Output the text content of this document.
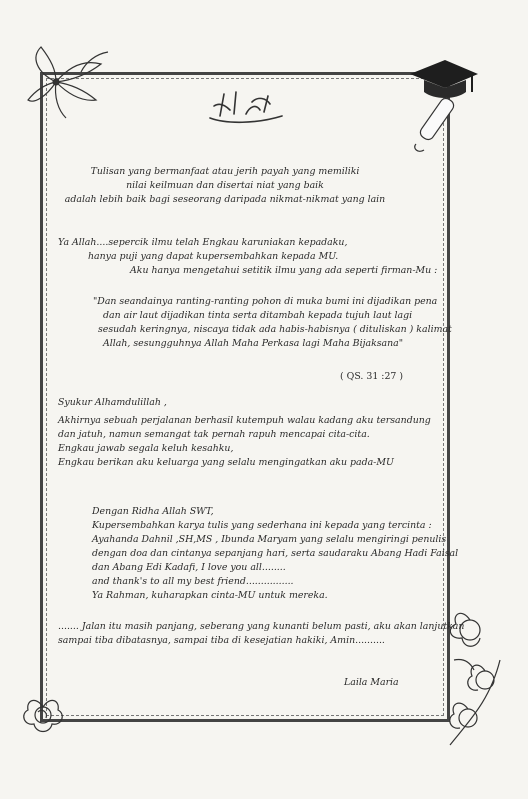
Tulisan yang bermanfaat atau jerih payah yang memiliki
nilai keilmuan dan disertai niat yang baik
adalah lebih baik bagi seseorang daripada nikmat-nikmat yang lain
Ya Allah....sepercik ilmu telah Engkau karuniakan kepadaku,
hanya puji yang dapat kupersembahkan kepada MU.
Aku hanya mengetahui setitik ilmu yang ada seperti firman-Mu :
"Dan seandainya ranting-ranting pohon di muka bumi ini dijadikan pena
dan air laut dijadikan tinta serta ditambah kepada tujuh laut lagi
sesudah keringnya, niscaya tidak ada habis-habisnya ( dituliskan ) kalimat
Allah, sesungguhnya Allah Maha Perkasa lagi Maha Bijaksana"
( QS. 31 :27 )
Syukur Alhamdulillah ,
Akhirnya sebuah perjalanan berhasil kutempuh walau kadang aku tersandung
dan jatuh, namun semangat tak pernah rapuh mencapai cita-cita.
Engkau jawab segala keluh kesahku,
Engkau berikan aku keluarga yang selalu mengingatkan aku pada-MU
Dengan Ridha Allah SWT,
Kupersembahkan karya tulis yang sederhana ini kepada yang tercinta :
Ayahanda Dahnil ,SH,MS , Ibunda Maryam yang selalu mengiringi penulis
dengan doa dan cintanya sepanjang hari, serta saudaraku Abang Hadi Faisal
dan Abang Edi Kadafi, I love you all........
and thank's to all my best friend................
Ya Rahman, kuharapkan cinta-MU untuk mereka.
....... Jalan itu masih panjang, seberang yang kunanti belum pasti, aku akan lanjutkan
sampai tiba dibatasnya, sampai tiba di kesejatian hakiki, Amin..........
Laila Maria
